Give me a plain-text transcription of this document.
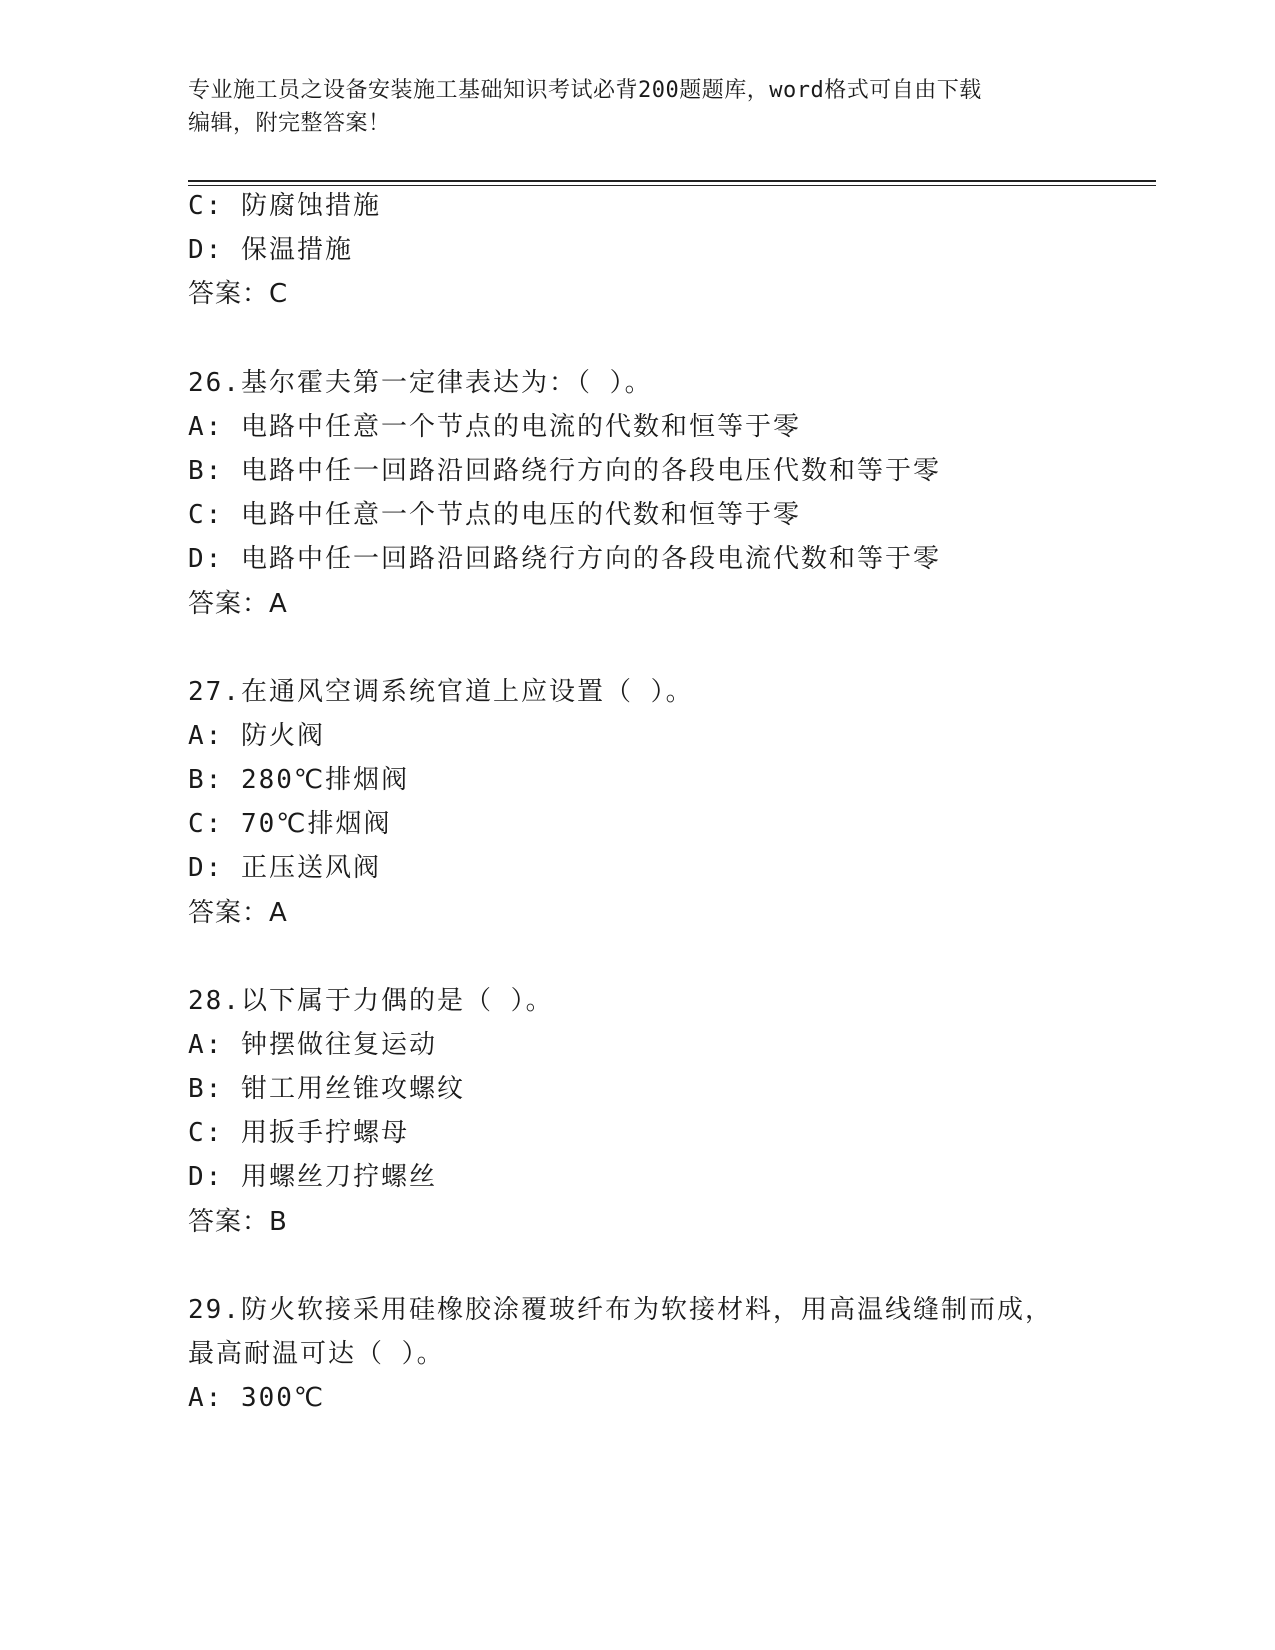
专业施工员之设备安装施工基础知识考试必背200题题库，word格式可自由下载
编辑，附完整答案！
C: 防腐蚀措施
D: 保温措施
答案：C
26.基尔霍夫第一定律表达为：（ ）。
A: 电路中任意一个节点的电流的代数和恒等于零
B: 电路中任一回路沿回路绕行方向的各段电压代数和等于零
C: 电路中任意一个节点的电压的代数和恒等于零
D: 电路中任一回路沿回路绕行方向的各段电流代数和等于零
答案：A
27.在通风空调系统官道上应设置（ ）。
A: 防火阀
B: 280℃排烟阀
C: 70℃排烟阀
D: 正压送风阀
答案：A
28.以下属于力偶的是（ ）。
A: 钟摆做往复运动
B: 钳工用丝锥攻螺纹
C: 用扳手拧螺母
D: 用螺丝刀拧螺丝
答案：B
29.防火软接采用硅橡胶涂覆玻纤布为软接材料，用高温线缝制而成，
最高耐温可达（ ）。
A: 300℃
